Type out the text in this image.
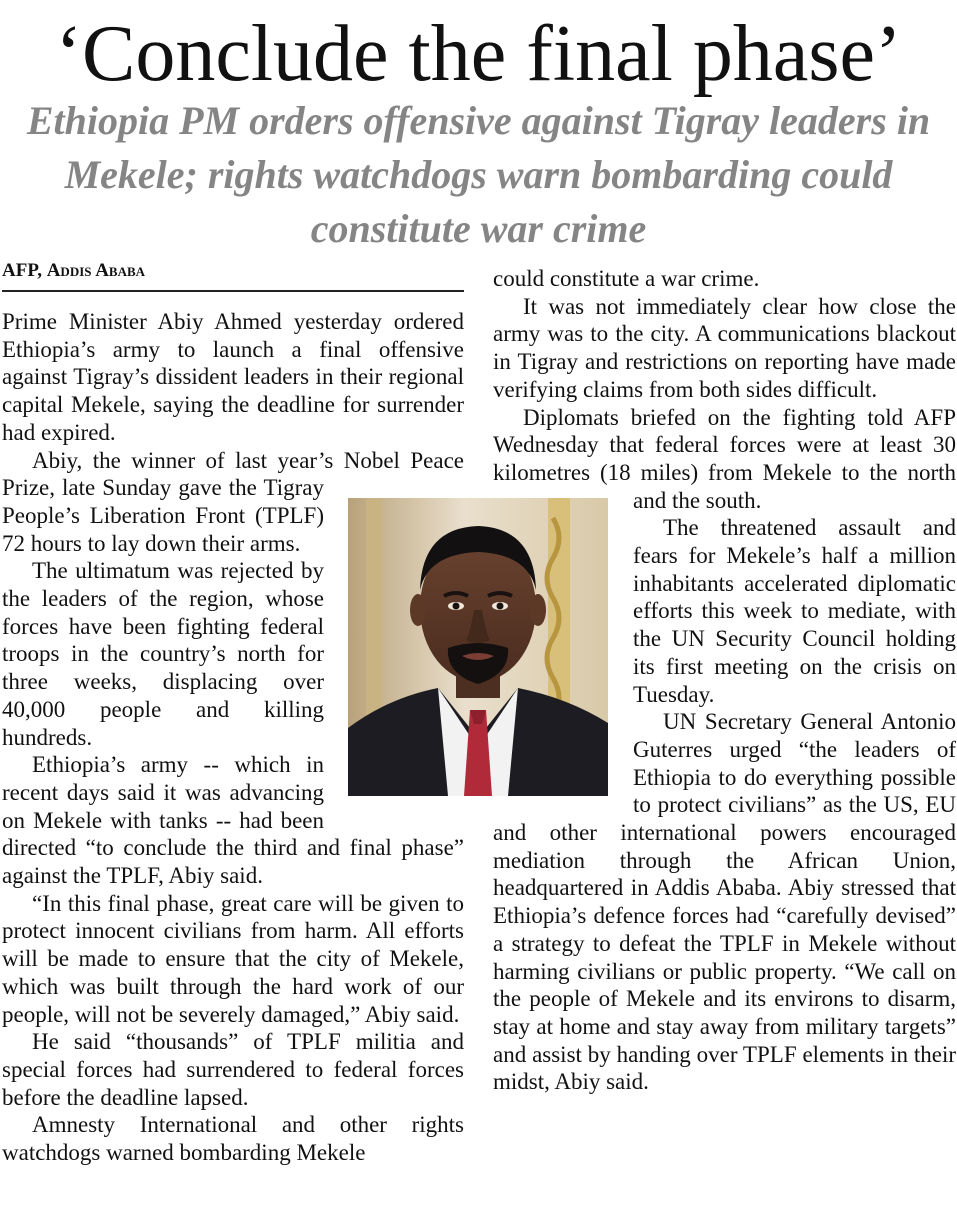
‘Conclude the final phase’
Ethiopia PM orders offensive against Tigray leaders in Mekele; rights watchdogs warn bombarding could constitute war crime
AFP, Addis Ababa

Prime Minister Abiy Ahmed yesterday ordered Ethiopia’s army to launch a final offensive against Tigray’s dissident leaders in their regional capital Mekele, saying the deadline for surrender had expired.

Abiy, the winner of last year’s Nobel Peace Prize, late Sunday gave the Tigray People’s Liberation Front (TPLF) 72 hours to lay down their arms.

The ultimatum was rejected by the leaders of the region, whose forces have been fighting federal troops in the country’s north for three weeks, displacing over 40,000 people and killing hundreds.

Ethiopia’s army -- which in recent days said it was advancing on Mekele with tanks -- had been directed “to conclude the third and final phase” against the TPLF, Abiy said.

“In this final phase, great care will be given to protect innocent civilians from harm. All efforts will be made to ensure that the city of Mekele, which was built through the hard work of our people, will not be severely damaged,” Abiy said.

He said “thousands” of TPLF militia and special forces had surrendered to federal forces before the deadline lapsed.

Amnesty International and other rights watchdogs warned bombarding Mekele

could constitute a war crime.

It was not immediately clear how close the army was to the city. A communications blackout in Tigray and restrictions on reporting have made verifying claims from both sides difficult.

Diplomats briefed on the fighting told AFP Wednesday that federal forces were at least 30 kilometres (18 miles) from Mekele to the north and the south.

The threatened assault and fears for Mekele’s half a million inhabitants accelerated diplomatic efforts this week to mediate, with the UN Security Council holding its first meeting on the crisis on Tuesday.

UN Secretary General Antonio Guterres urged “the leaders of Ethiopia to do everything possible to protect civilians” as the US, EU and other international powers encouraged mediation through the African Union, headquartered in Addis Ababa. Abiy stressed that Ethiopia’s defence forces had “carefully devised” a strategy to defeat the TPLF in Mekele without harming civilians or public property. “We call on the people of Mekele and its environs to disarm, stay at home and stay away from military targets” and assist by handing over TPLF elements in their midst, Abiy said.
